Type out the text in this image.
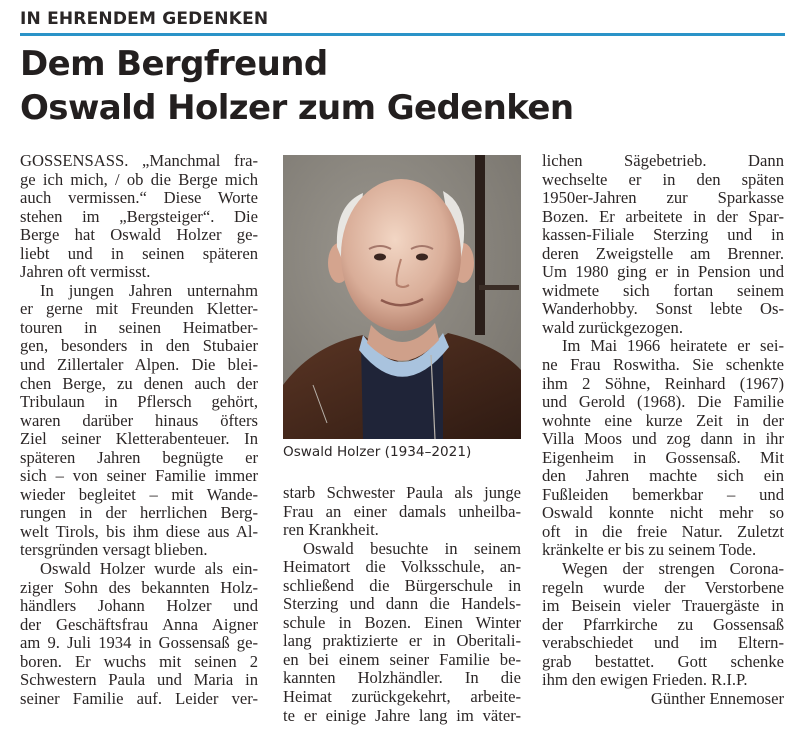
IN EHRENDEM GEDENKEN
Dem Bergfreund
Oswald Holzer zum Gedenken
GOSSENSASS. „Manchmal fra-
ge ich mich, / ob die Berge mich
auch vermissen.“ Diese Worte
stehen im „Bergsteiger“. Die
Berge hat Oswald Holzer ge-
liebt und in seinen späteren
Jahren oft vermisst.
In jungen Jahren unternahm
er gerne mit Freunden Kletter-
touren in seinen Heimatber-
gen, besonders in den Stubaier
und Zillertaler Alpen. Die blei-
chen Berge, zu denen auch der
Tribulaun in Pflersch gehört,
waren darüber hinaus öfters
Ziel seiner Kletterabenteuer. In
späteren Jahren begnügte er
sich – von seiner Familie immer
wieder begleitet – mit Wande-
rungen in der herrlichen Berg-
welt Tirols, bis ihm diese aus Al-
tersgründen versagt blieben.
Oswald Holzer wurde als ein-
ziger Sohn des bekannten Holz-
händlers Johann Holzer und
der Geschäftsfrau Anna Aigner
am 9. Juli 1934 in Gossensaß ge-
boren. Er wuchs mit seinen 2
Schwestern Paula und Maria in
seiner Familie auf. Leider ver-
Oswald Holzer (1934–2021)
starb Schwester Paula als junge
Frau an einer damals unheilba-
ren Krankheit.
Oswald besuchte in seinem
Heimatort die Volksschule, an-
schließend die Bürgerschule in
Sterzing und dann die Handels-
schule in Bozen. Einen Winter
lang praktizierte er in Oberitali-
en bei einem seiner Familie be-
kannten Holzhändler. In die
Heimat zurückgekehrt, arbeite-
te er einige Jahre lang im väter-
lichen Sägebetrieb. Dann
wechselte er in den späten
1950er-Jahren zur Sparkasse
Bozen. Er arbeitete in der Spar-
kassen-Filiale Sterzing und in
deren Zweigstelle am Brenner.
Um 1980 ging er in Pension und
widmete sich fortan seinem
Wanderhobby. Sonst lebte Os-
wald zurückgezogen.
Im Mai 1966 heiratete er sei-
ne Frau Roswitha. Sie schenkte
ihm 2 Söhne, Reinhard (1967)
und Gerold (1968). Die Familie
wohnte eine kurze Zeit in der
Villa Moos und zog dann in ihr
Eigenheim in Gossensaß. Mit
den Jahren machte sich ein
Fußleiden bemerkbar – und
Oswald konnte nicht mehr so
oft in die freie Natur. Zuletzt
kränkelte er bis zu seinem Tode.
Wegen der strengen Corona-
regeln wurde der Verstorbene
im Beisein vieler Trauergäste in
der Pfarrkirche zu Gossensaß
verabschiedet und im Eltern-
grab bestattet. Gott schenke
ihm den ewigen Frieden. R.I.P.
Günther Ennemoser
